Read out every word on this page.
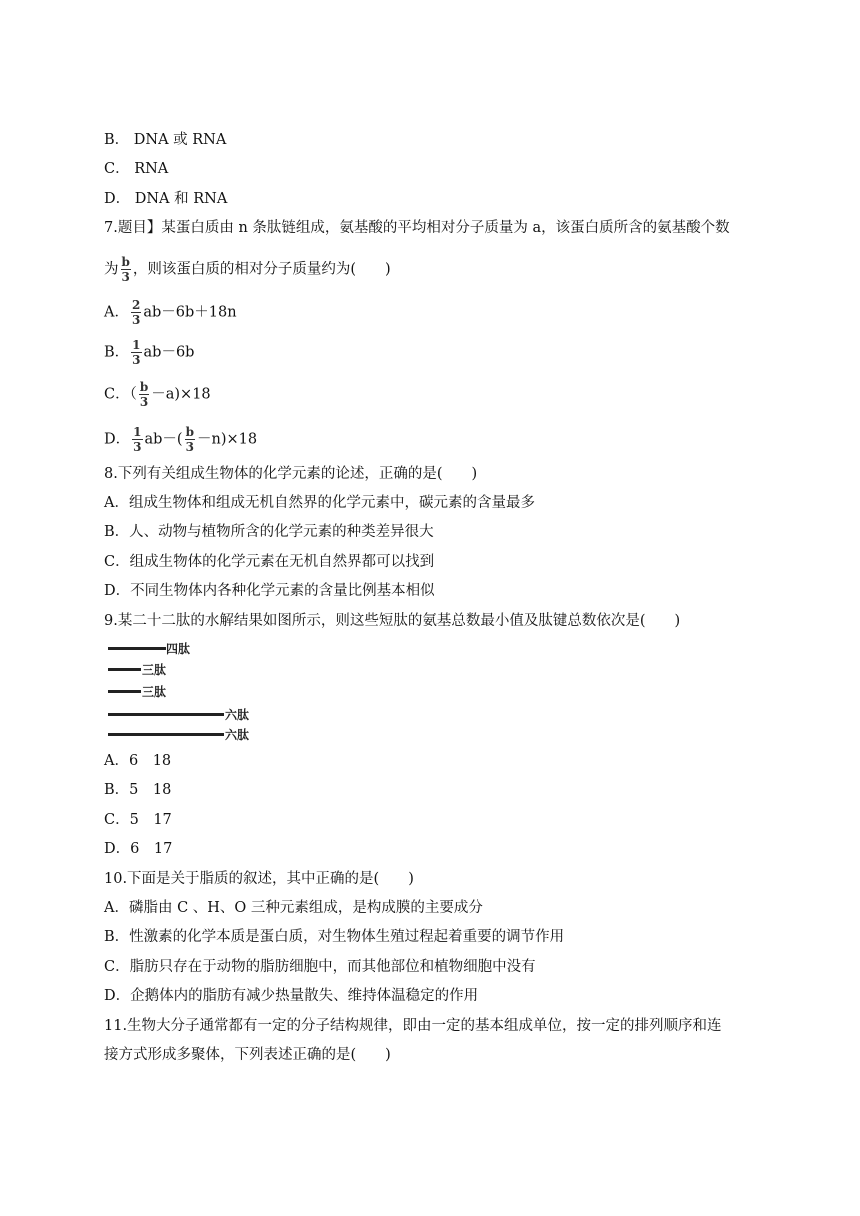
B． DNA 或 RNA
C． RNA
D． DNA 和 RNA
7.题目】某蛋白质由 n 条肽链组成，氨基酸的平均相对分子质量为 a，该蛋白质所含的氨基酸个数
为 $\frac{b}{3}$ ，则该蛋白质的相对分子质量约为(　　)
A． $\frac{2}{3} ab-6b+18n$
B． $\frac{1}{3} ab-6b$
C．（ $\frac{b}{3} -a)\times 18$
D． $\frac{1}{3} ab-( \frac{b}{3} -n)\times 18$
8.下列有关组成生物体的化学元素的论述，正确的是(　　)
A．组成生物体和组成无机自然界的化学元素中，碳元素的含量最多
B．人、动物与植物所含的化学元素的种类差异很大
C．组成生物体的化学元素在无机自然界都可以找到
D．不同生物体内各种化学元素的含量比例基本相似
9.某二十二肽的水解结果如图所示，则这些短肽的氨基总数最小值及肽键总数依次是(　　)
四肽
三肽
三肽
六肽
六肽
A．6　18
B．5　18
C．5　17
D．6　17
10.下面是关于脂质的叙述，其中正确的是(　　)
A．磷脂由 C 、H、O 三种元素组成，是构成膜的主要成分
B．性激素的化学本质是蛋白质，对生物体生殖过程起着重要的调节作用
C．脂肪只存在于动物的脂肪细胞中，而其他部位和植物细胞中没有
D．企鹅体内的脂肪有减少热量散失、维持体温稳定的作用
11.生物大分子通常都有一定的分子结构规律，即由一定的基本组成单位，按一定的排列顺序和连
接方式形成多聚体，下列表述正确的是(　　)
